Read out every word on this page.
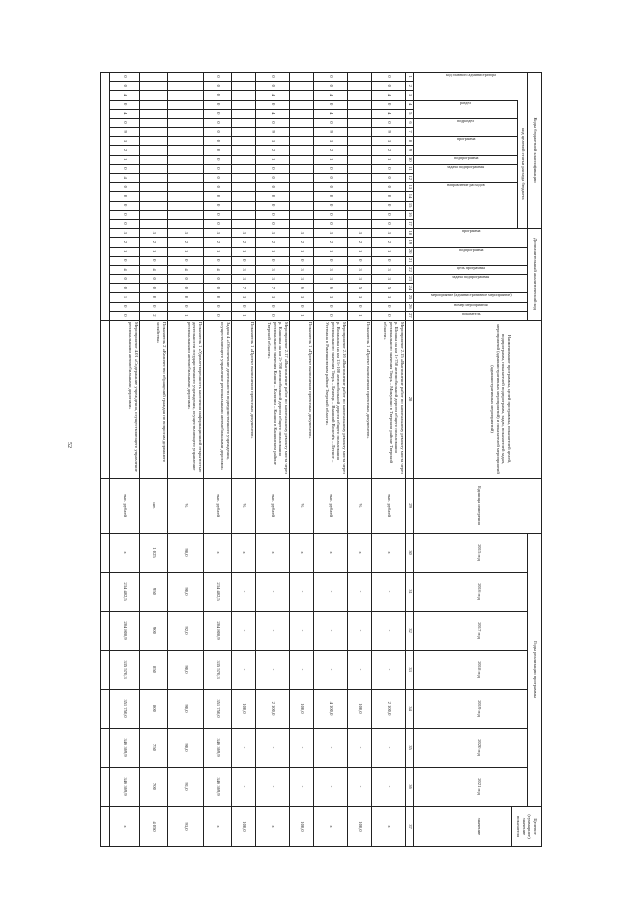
52
Коды бюджетной классификации
Дополнительный аналитический код
код целевой статьи расхода бюджета
код главного администратора
раздел
подраздел
программа
подпрограмма
задача подпрограммы
направление расходов
программа
подпрограмма
цель программы
задача подпрограммы
мероприятие (административное мероприятие)
номер мероприятия
показатель
Наименование программы, целей программы, показателей целей, подпрограмм, показателей подпрограмм, задач, показателей задач, мероприятий (административных мероприятий) и показателей мероприятий (административных мероприятий)
Единица измерения
Годы реализации программы
2015 год
2016 год
2017 год
2018 год
2019 год
2020 год
2021 год
Целевое (суммарное) значение показателя
значение
1
2
3
4
5
6
7
8
9
10
11
12
13
14
15
16
17
18
19
20
21
22
23
24
25
26
27
28
29
30
31
32
33
34
35
36
37
0
0
4
0
4
0
9
3
2
1
0
0
0
0
0
0
0
3
2
1
0
3
3
5
3
0
0
Мероприятие 2.15 «Выполнение работ по капитальному ремонту моста через р. Шошка на км 1+750 автомобильной дороги общего пользования регионального значения Тверь – Микулино в Тверском районе Тверской области»
тыс. рублей
х
-
-
-
2 100,0
-
-
х
3
2
1
0
3
3
5
3
0
1
Показатель 1 «Проект выполнения проектных документов»
%
х
-
-
-
100,0
-
-
100,0
0
0
4
0
4
0
9
3
2
1
0
0
0
0
0
0
0
3
2
1
0
3
3
6
3
0
0
Мероприятие 2.16 «Выполнение работ по капитальному ремонту моста через р. Волжанка на км 13+100 автомобильной дороги общего пользования регионального значения Тверь – Бежецк – Вышний Волочёк – Лесное – Устюжна в Рамешковском районе Тверской области»
тыс. рублей
х
-
-
-
4 100,0
-
-
х
3
2
1
0
3
3
6
3
0
1
Показатель 1 «Проект выполнения проектных документов»
%
х
-
-
-
100,0
-
-
100,0
0
0
4
0
4
0
9
3
2
1
0
0
0
0
0
0
0
3
2
1
0
3
3
7
3
0
0
Мероприятие 2.17 «Выполнение работ по капитальному ремонту моста через р. Кашинка на км 2+700 автомобильной дороги общего пользования регионального значения Кашин – Калязин – Кашин в Кашинском районе Тверской области»
тыс. рублей
х
-
-
-
2 100,0
-
-
х
3
2
1
0
3
3
7
3
0
1
Показатель 1 «Проект выполнения проектных документов»
%
х
-
-
-
100,0
-
-
100,0
0
0
0
0
0
0
0
0
0
0
0
0
0
0
0
0
0
3
2
1
0
4
0
0
0
0
0
Задача 4 «Обеспечение деятельности подведомственного учреждения, осуществляющего управление региональными автомобильными дорогами»
тыс. рублей
х
234 482,5
284 808,9
335 570,3
351 750,0
346 369,9
346 369,9
х
3
2
1
0
4
0
0
0
0
1
Показатель 1 «Удовлетворенность населения информационной открытостью деятельности государственного учреждения, осуществляющего управление региональными автомобильными дорогами»
%
98,0
90,0
92,0
90,0
90,0
90,0
91,0
93,0
3
2
1
0
4
0
0
0
0
2
Показатель 2 «Количество обращений граждан по вопросам дорожного хозяйства»
шт.
1 025
950
900
850
800
750
700
4 050
0
0
4
0
4
0
9
3
2
1
0
4
0
0
0
0
0
3
2
1
0
4
0
0
1
0
0
Мероприятие 4.01 «Содержание учреждения, осуществляющего управление региональными автомобильными дорогами»
тыс. рублей
х
234 482,5
284 808,9
335 570,3
351 750,0
346 369,9
346 369,9
х
